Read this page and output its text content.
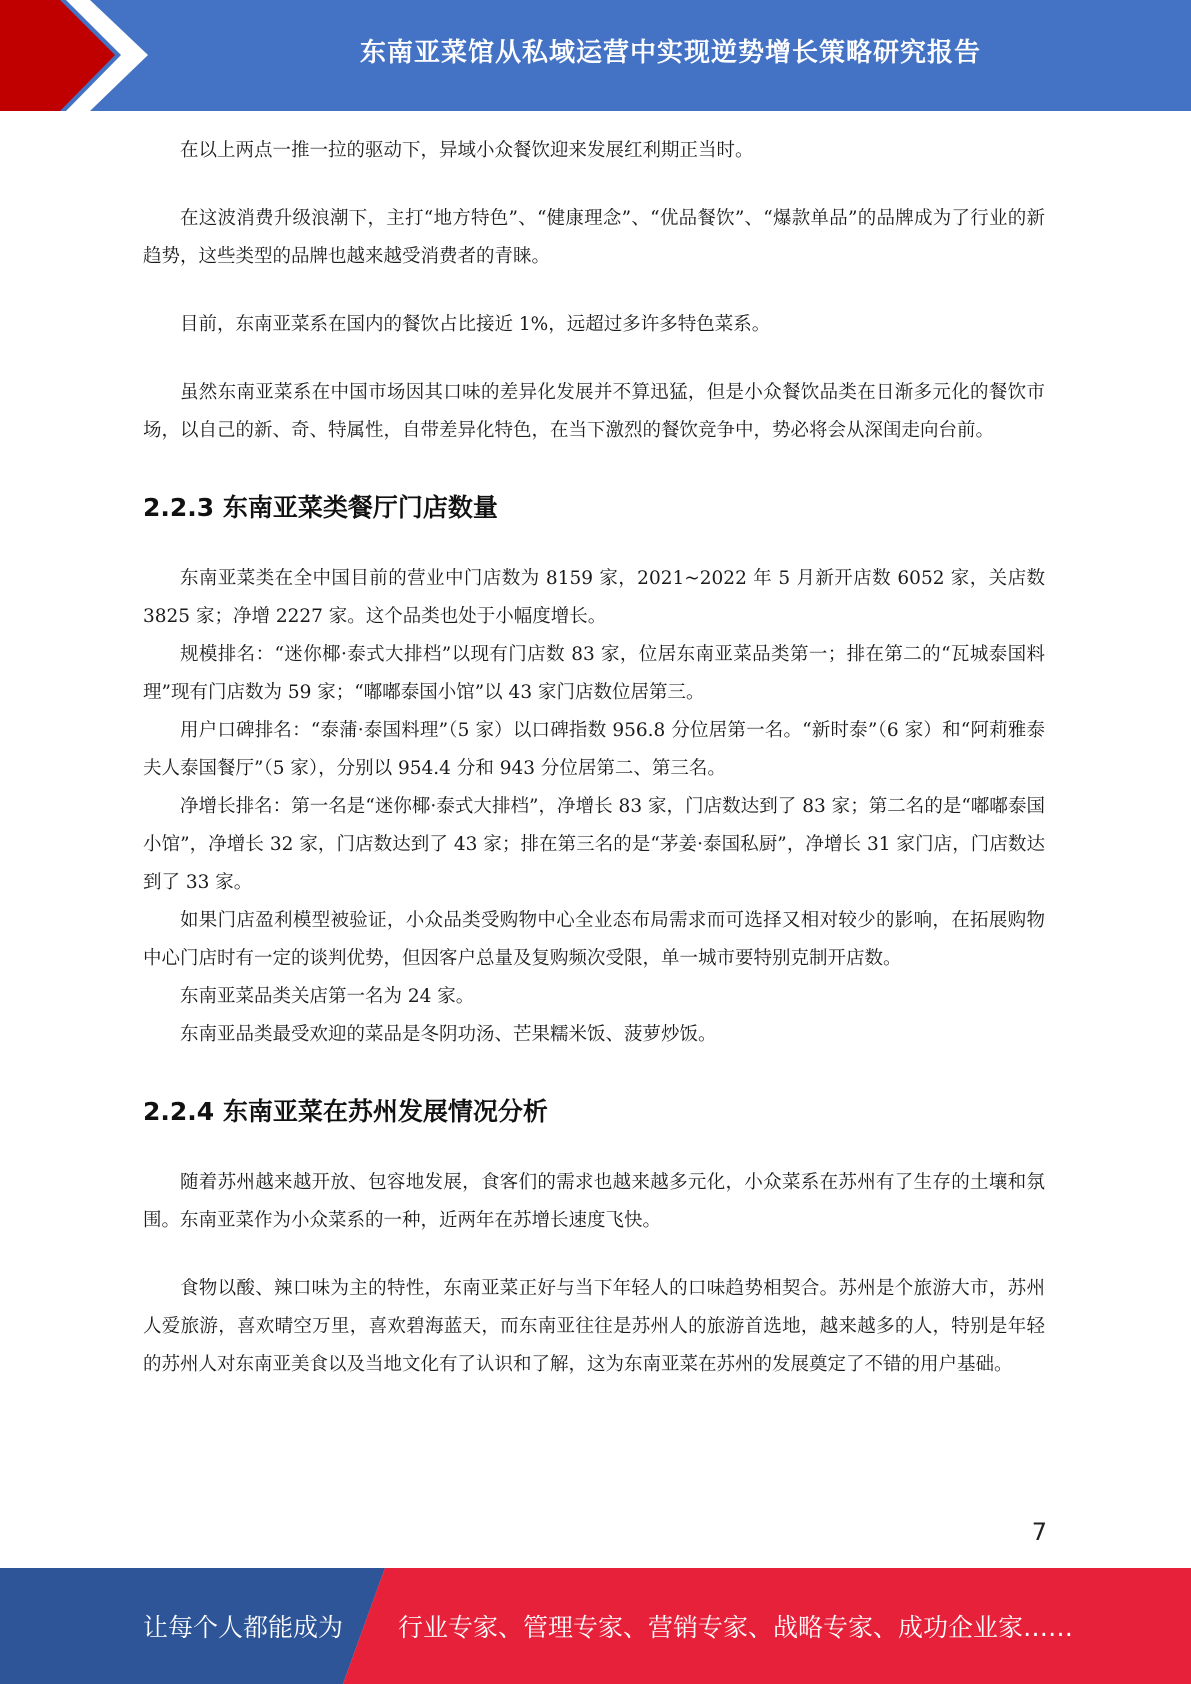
东南亚菜馆从私域运营中实现逆势增长策略研究报告

在以上两点一推一拉的驱动下，异域小众餐饮迎来发展红利期正当时。

在这波消费升级浪潮下，主打“地方特色”、“健康理念”、“优品餐饮”、“爆款单品”的品牌成为了行业的新趋势，这些类型的品牌也越来越受消费者的青睐。

目前，东南亚菜系在国内的餐饮占比接近 1%，远超过多许多特色菜系。

虽然东南亚菜系在中国市场因其口味的差异化发展并不算迅猛，但是小众餐饮品类在日渐多元化的餐饮市场，以自己的新、奇、特属性，自带差异化特色，在当下激烈的餐饮竞争中，势必将会从深闺走向台前。

2.2.3 东南亚菜类餐厅门店数量

东南亚菜类在全中国目前的营业中门店数为 8159 家，2021~2022 年 5 月新开店数 6052 家，关店数 3825 家；净增 2227 家。这个品类也处于小幅度增长。

规模排名：“迷你椰·泰式大排档”以现有门店数 83 家，位居东南亚菜品类第一；排在第二的“瓦城泰国料理”现有门店数为 59 家；“嘟嘟泰国小馆”以 43 家门店数位居第三。

用户口碑排名：“泰蒲·泰国料理”（5 家）以口碑指数 956.8 分位居第一名。“新时泰”（6 家）和“阿莉雅泰夫人泰国餐厅”（5 家），分别以 954.4 分和 943 分位居第二、第三名。

净增长排名：第一名是“迷你椰·泰式大排档”，净增长 83 家，门店数达到了 83 家；第二名的是“嘟嘟泰国小馆”，净增长 32 家，门店数达到了 43 家；排在第三名的是“茅姜·泰国私厨”，净增长 31 家门店，门店数达到了 33 家。

如果门店盈利模型被验证，小众品类受购物中心全业态布局需求而可选择又相对较少的影响，在拓展购物中心门店时有一定的谈判优势，但因客户总量及复购频次受限，单一城市要特别克制开店数。

东南亚菜品类关店第一名为 24 家。

东南亚品类最受欢迎的菜品是冬阴功汤、芒果糯米饭、菠萝炒饭。

2.2.4 东南亚菜在苏州发展情况分析

随着苏州越来越开放、包容地发展，食客们的需求也越来越多元化，小众菜系在苏州有了生存的土壤和氛围。东南亚菜作为小众菜系的一种，近两年在苏增长速度飞快。

食物以酸、辣口味为主的特性，东南亚菜正好与当下年轻人的口味趋势相契合。苏州是个旅游大市，苏州人爱旅游，喜欢晴空万里，喜欢碧海蓝天，而东南亚往往是苏州人的旅游首选地，越来越多的人，特别是年轻的苏州人对东南亚美食以及当地文化有了认识和了解，这为东南亚菜在苏州的发展奠定了不错的用户基础。

7
让每个人都能成为 行业专家、管理专家、营销专家、战略专家、成功企业家……
